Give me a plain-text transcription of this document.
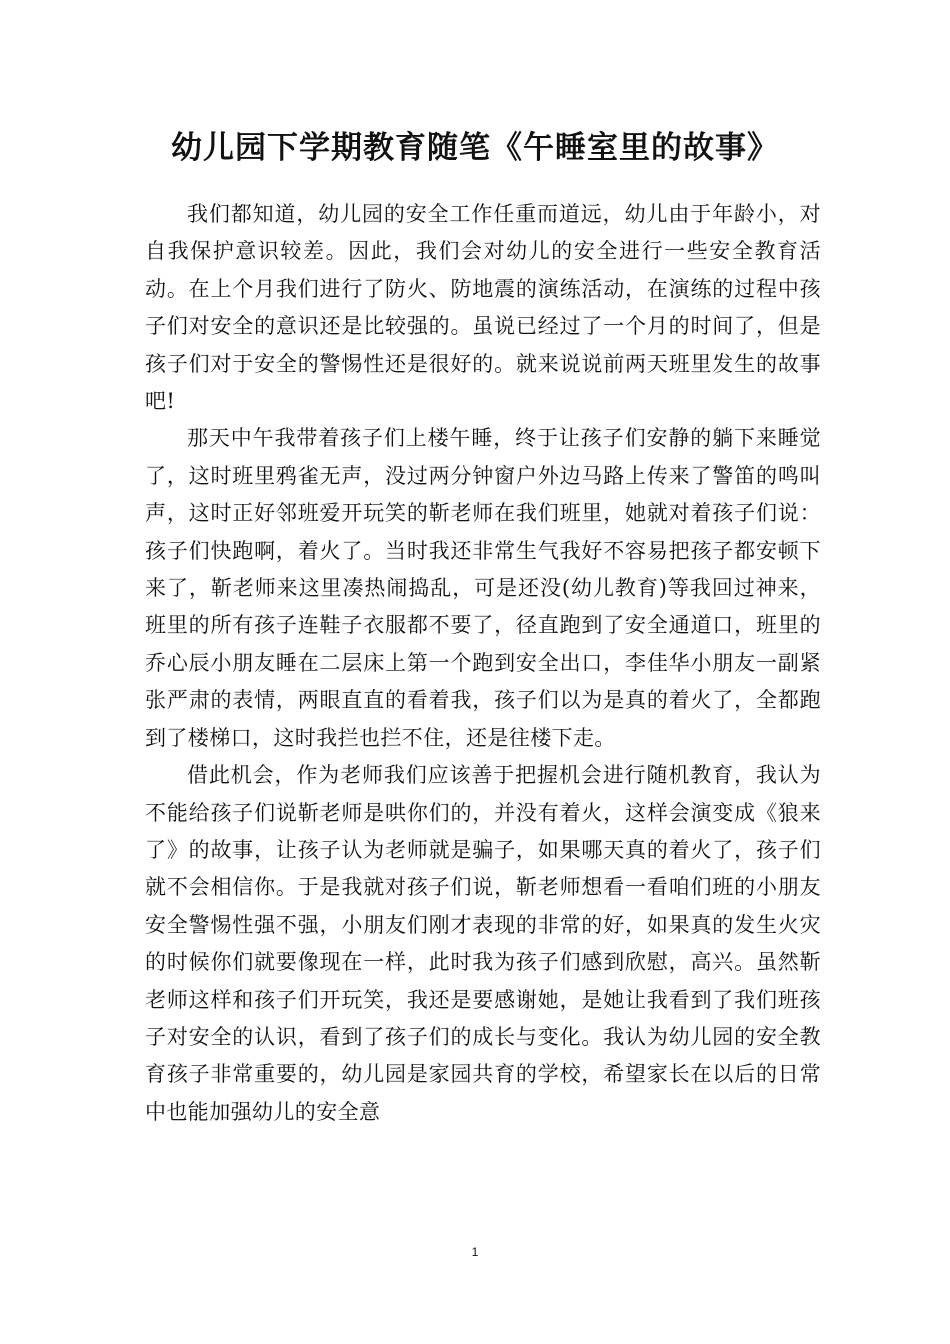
幼儿园下学期教育随笔《午睡室里的故事》

我们都知道，幼儿园的安全工作任重而道远，幼儿由于年龄小，对自我保护意识较差。因此，我们会对幼儿的安全进行一些安全教育活动。在上个月我们进行了防火、防地震的演练活动，在演练的过程中孩子们对安全的意识还是比较强的。虽说已经过了一个月的时间了，但是孩子们对于安全的警惕性还是很好的。就来说说前两天班里发生的故事吧!

那天中午我带着孩子们上楼午睡，终于让孩子们安静的躺下来睡觉了，这时班里鸦雀无声，没过两分钟窗户外边马路上传来了警笛的鸣叫声，这时正好邻班爱开玩笑的靳老师在我们班里，她就对着孩子们说：孩子们快跑啊，着火了。当时我还非常生气我好不容易把孩子都安顿下来了，靳老师来这里凑热闹捣乱，可是还没(幼儿教育)等我回过神来，班里的所有孩子连鞋子衣服都不要了，径直跑到了安全通道口，班里的乔心辰小朋友睡在二层床上第一个跑到安全出口，李佳华小朋友一副紧张严肃的表情，两眼直直的看着我，孩子们以为是真的着火了，全都跑到了楼梯口，这时我拦也拦不住，还是往楼下走。

借此机会，作为老师我们应该善于把握机会进行随机教育，我认为不能给孩子们说靳老师是哄你们的，并没有着火，这样会演变成《狼来了》的故事，让孩子认为老师就是骗子，如果哪天真的着火了，孩子们就不会相信你。于是我就对孩子们说，靳老师想看一看咱们班的小朋友安全警惕性强不强，小朋友们刚才表现的非常的好，如果真的发生火灾的时候你们就要像现在一样，此时我为孩子们感到欣慰，高兴。虽然靳老师这样和孩子们开玩笑，我还是要感谢她，是她让我看到了我们班孩子对安全的认识，看到了孩子们的成长与变化。我认为幼儿园的安全教育孩子非常重要的，幼儿园是家园共育的学校，希望家长在以后的日常中也能加强幼儿的安全意

1
